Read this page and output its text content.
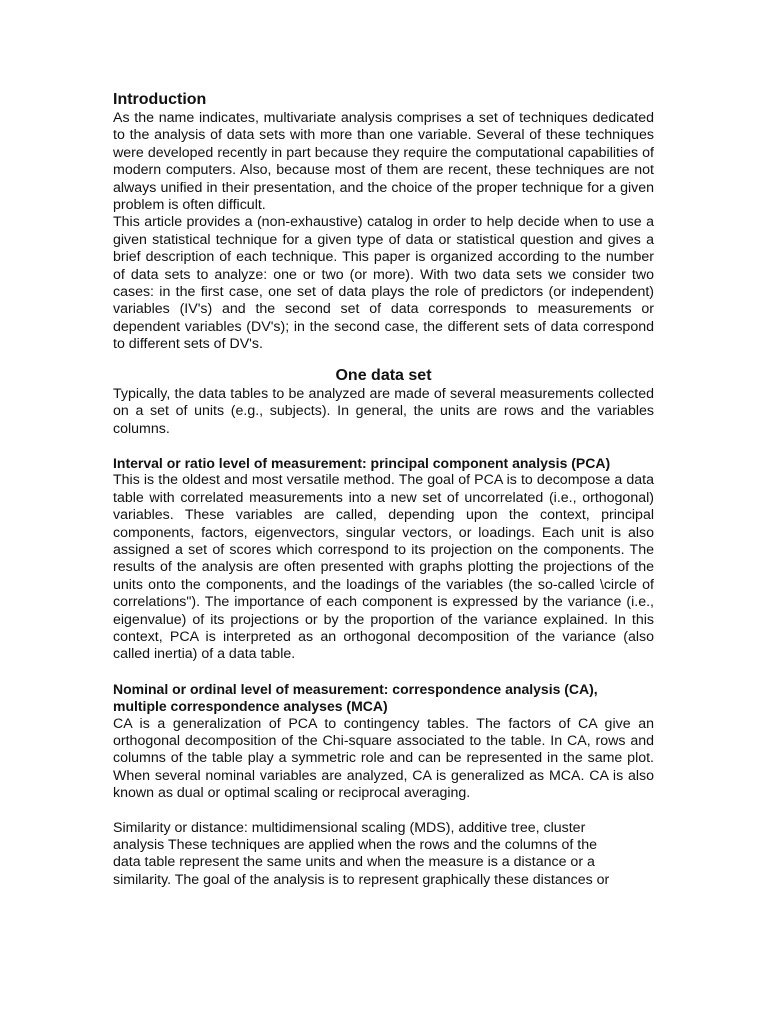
Introduction

As the name indicates, multivariate analysis comprises a set of techniques dedicated to the analysis of data sets with more than one variable. Several of these techniques were developed recently in part because they require the computational capabilities of modern computers. Also, because most of them are recent, these techniques are not always unified in their presentation, and the choice of the proper technique for a given problem is often difficult.

This article provides a (non-exhaustive) catalog in order to help decide when to use a given statistical technique for a given type of data or statistical question and gives a brief description of each technique. This paper is organized according to the number of data sets to analyze: one or two (or more). With two data sets we consider two cases: in the first case, one set of data plays the role of predictors (or independent) variables (IV's) and the second set of data corresponds to measurements or dependent variables (DV's); in the second case, the different sets of data correspond to different sets of DV's.

One data set

Typically, the data tables to be analyzed are made of several measurements collected on a set of units (e.g., subjects). In general, the units are rows and the variables columns.

Interval or ratio level of measurement: principal component analysis (PCA)

This is the oldest and most versatile method. The goal of PCA is to decompose a data table with correlated measurements into a new set of uncorrelated (i.e., orthogonal) variables. These variables are called, depending upon the context, principal components, factors, eigenvectors, singular vectors, or loadings. Each unit is also assigned a set of scores which correspond to its projection on the components. The results of the analysis are often presented with graphs plotting the projections of the units onto the components, and the loadings of the variables (the so-called \circle of correlations"). The importance of each component is expressed by the variance (i.e., eigenvalue) of its projections or by the proportion of the variance explained. In this context, PCA is interpreted as an orthogonal decomposition of the variance (also called inertia) of a data table.

Nominal or ordinal level of measurement: correspondence analysis (CA),
multiple correspondence analyses (MCA)

CA is a generalization of PCA to contingency tables. The factors of CA give an orthogonal decomposition of the Chi-square associated to the table. In CA, rows and columns of the table play a symmetric role and can be represented in the same plot. When several nominal variables are analyzed, CA is generalized as MCA. CA is also known as dual or optimal scaling or reciprocal averaging.

Similarity or distance: multidimensional scaling (MDS), additive tree, cluster

analysis These techniques are applied when the rows and the columns of the

data table represent the same units and when the measure is a distance or a

similarity. The goal of the analysis is to represent graphically these distances or
